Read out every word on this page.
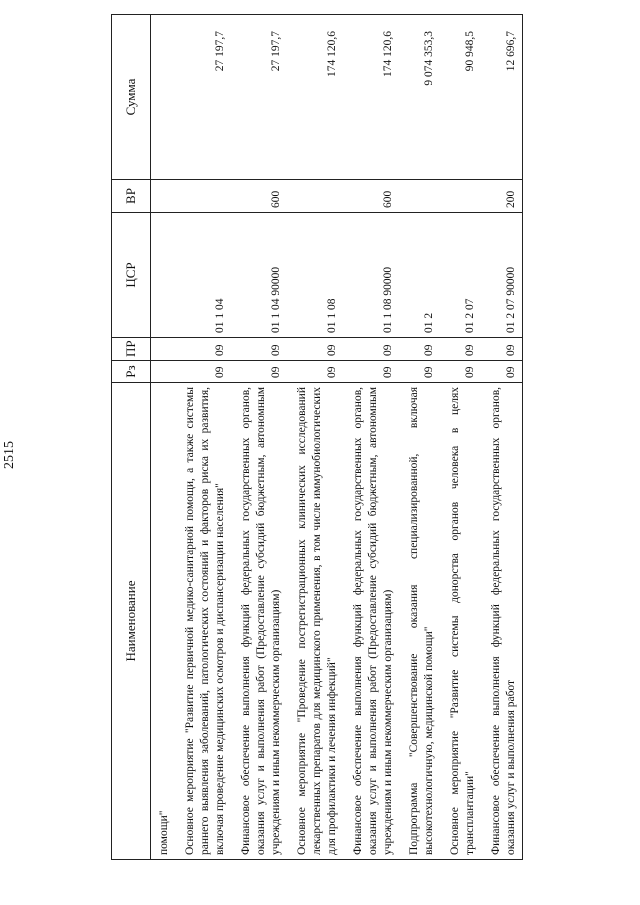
2515
Наименование	Рз	ПР	ЦСР	ВР	Сумма
помощи"					
Основное мероприятие "Развитие первичной медико-санитарной помощи, а также системы раннего выявления заболеваний, патологических состояний и факторов риска их развития, включая проведение медицинских осмотров и диспансеризации населения"	09	09	01 1 04		27 197,7
Финансовое обеспечение выполнения функций федеральных государственных органов, оказания услуг и выполнения работ (Предоставление субсидий бюджетным, автономным учреждениям и иным некоммерческим организациям)	09	09	01 1 04 90000	600	27 197,7
Основное мероприятие "Проведение пострегистрационных клинических исследований лекарственных препаратов для медицинского применения, в том числе иммунобиологических для профилактики и лечения инфекций"	09	09	01 1 08		174 120,6
Финансовое обеспечение выполнения функций федеральных государственных органов, оказания услуг и выполнения работ (Предоставление субсидий бюджетным, автономным учреждениям и иным некоммерческим организациям)	09	09	01 1 08 90000	600	174 120,6
Подпрограмма "Совершенствование оказания специализированной, включая высокотехнологичную, медицинской помощи"	09	09	01 2		9 074 353,3
Основное мероприятие "Развитие системы донорства органов человека в целях трансплантации"	09	09	01 2 07		90 948,5
Финансовое обеспечение выполнения функций федеральных государственных органов, оказания услуг и выполнения работ	09	09	01 2 07 90000	200	12 696,7
